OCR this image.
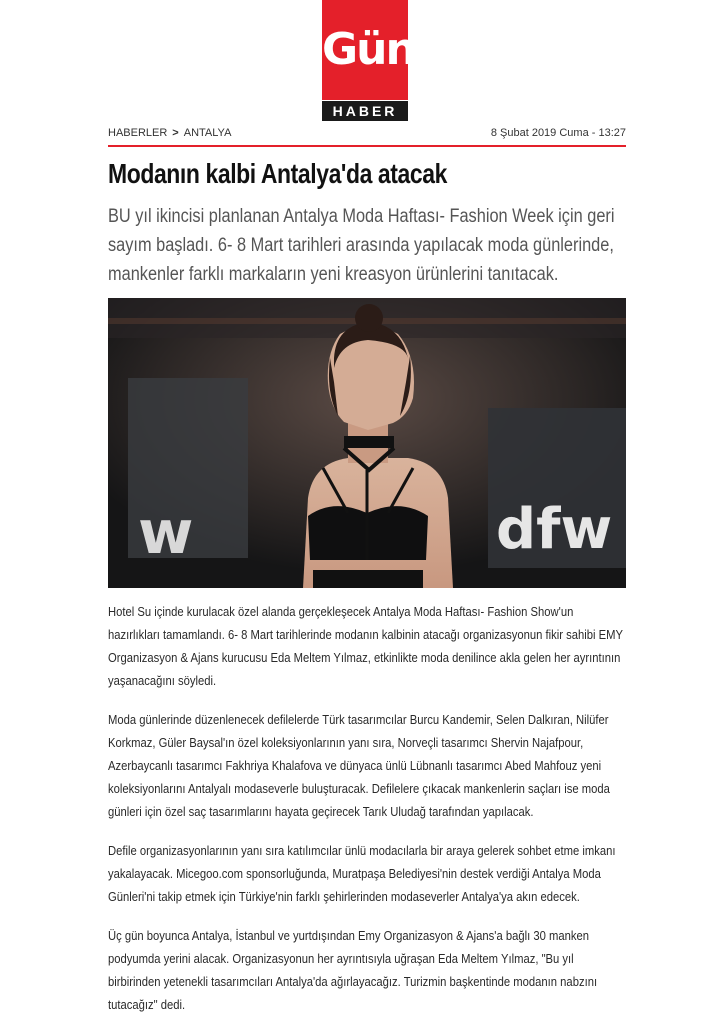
Gün
HABER
HABERLER > ANTALYA	8 Şubat 2019 Cuma - 13:27
Modanın kalbi Antalya'da atacak

BU yıl ikincisi planlanan Antalya Moda Haftası- Fashion Week için geri sayım başladı. 6- 8 Mart tarihleri arasında yapılacak moda günlerinde, mankenler farklı markaların yeni kreasyon ürünlerini tanıtacak.

w	dfw

Hotel Su içinde kurulacak özel alanda gerçekleşecek Antalya Moda Haftası- Fashion Show'un hazırlıkları tamamlandı. 6- 8 Mart tarihlerinde modanın kalbinin atacağı organizasyonun fikir sahibi EMY Organizasyon & Ajans kurucusu Eda Meltem Yılmaz, etkinlikte moda denilince akla gelen her ayrıntının yaşanacağını söyledi.

Moda günlerinde düzenlenecek defilelerde Türk tasarımcılar Burcu Kandemir, Selen Dalkıran, Nilüfer Korkmaz, Güler Baysal'ın özel koleksiyonlarının yanı sıra, Norveçli tasarımcı Shervin Najafpour, Azerbaycanlı tasarımcı Fakhriya Khalafova ve dünyaca ünlü Lübnanlı tasarımcı Abed Mahfouz yeni koleksiyonlarını Antalyalı modaseverle buluşturacak. Defilelere çıkacak mankenlerin saçları ise moda günleri için özel saç tasarımlarını hayata geçirecek Tarık Uludağ tarafından yapılacak.

Defile organizasyonlarının yanı sıra katılımcılar ünlü modacılarla bir araya gelerek sohbet etme imkanı yakalayacak. Micegoo.com sponsorluğunda, Muratpaşa Belediyesi'nin destek verdiği Antalya Moda Günleri'ni takip etmek için Türkiye'nin farklı şehirlerinden modaseverler Antalya'ya akın edecek.

Üç gün boyunca Antalya, İstanbul ve yurtdışından Emy Organizasyon & Ajans'a bağlı 30 manken podyumda yerini alacak. Organizasyonun her ayrıntısıyla uğraşan Eda Meltem Yılmaz, "Bu yıl birbirinden yetenekli tasarımcıları Antalya'da ağırlayacağız. Turizmin başkentinde modanın nabzını tutacağız" dedi.
